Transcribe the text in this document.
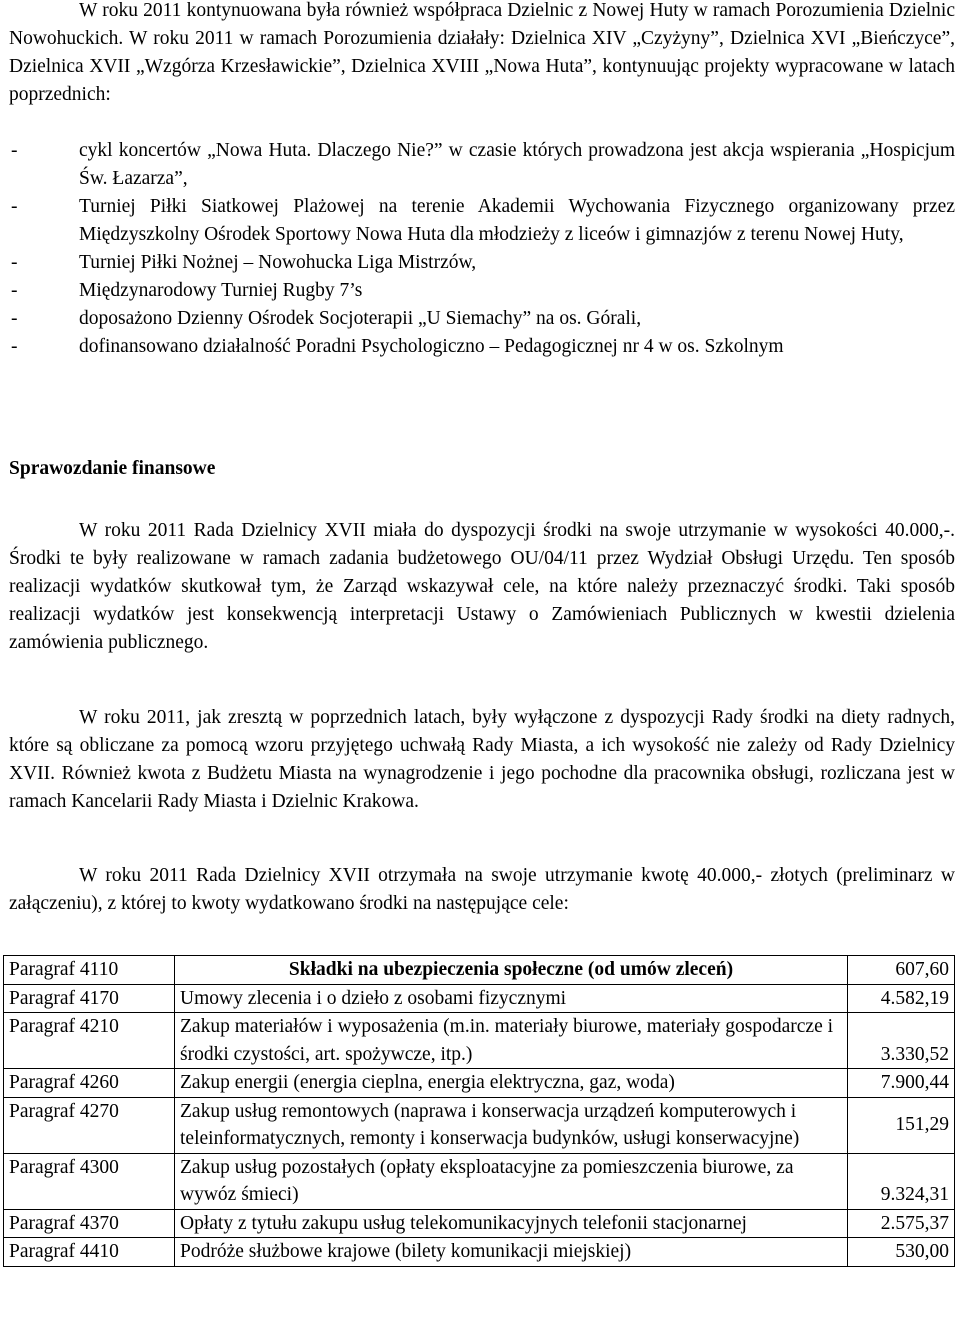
W roku 2011 kontynuowana była również współpraca Dzielnic z Nowej Huty w ramach Porozumienia Dzielnic Nowohuckich. W roku 2011 w ramach Porozumienia działały: Dzielnica XIV „Czyżyny”, Dzielnica XVI „Bieńczyce”, Dzielnica XVII „Wzgórza Krzesławickie”, Dzielnica XVIII „Nowa Huta”, kontynuując projekty wypracowane w latach poprzednich:

-	cykl koncertów „Nowa Huta. Dlaczego Nie?” w czasie których prowadzona jest akcja wspierania „Hospicjum Św. Łazarza”,
-	Turniej Piłki Siatkowej Plażowej na terenie Akademii Wychowania Fizycznego organizowany przez Międzyszkolny Ośrodek Sportowy Nowa Huta dla młodzieży z liceów i gimnazjów z terenu Nowej Huty,
-	Turniej Piłki Nożnej – Nowohucka Liga Mistrzów,
-	Międzynarodowy Turniej Rugby 7’s
-	doposażono Dzienny Ośrodek Socjoterapii „U Siemachy” na os. Górali,
-	dofinansowano działalność Poradni Psychologiczno – Pedagogicznej nr 4 w os. Szkolnym
Sprawozdanie finansowe

W roku 2011 Rada Dzielnicy XVII miała do dyspozycji środki na swoje utrzymanie w wysokości 40.000,-. Środki te były realizowane w ramach zadania budżetowego OU/04/11 przez Wydział Obsługi Urzędu. Ten sposób realizacji wydatków skutkował tym, że Zarząd wskazywał cele, na które należy przeznaczyć środki. Taki sposób realizacji wydatków jest konsekwencją interpretacji Ustawy o Zamówieniach Publicznych w kwestii dzielenia zamówienia publicznego.

W roku 2011, jak zresztą w poprzednich latach, były wyłączone z dyspozycji Rady środki na diety radnych, które są obliczane za pomocą wzoru przyjętego uchwałą Rady Miasta, a ich wysokość nie zależy od Rady Dzielnicy XVII. Również kwota z Budżetu Miasta na wynagrodzenie i jego pochodne dla pracownika obsługi, rozliczana jest w ramach Kancelarii Rady Miasta i Dzielnic Krakowa.

W roku 2011 Rada Dzielnicy XVII otrzymała na swoje utrzymanie kwotę 40.000,- złotych (preliminarz w załączeniu), z której to kwoty wydatkowano środki na następujące cele:

Paragraf 4110	Składki na ubezpieczenia społeczne (od umów zleceń)	607,60
Paragraf 4170	Umowy zlecenia i o dzieło z osobami fizycznymi	4.582,19
Paragraf 4210	Zakup materiałów i wyposażenia (m.in. materiały biurowe, materiały gospodarcze i środki czystości, art. spożywcze, itp.)	3.330,52
Paragraf 4260	Zakup energii (energia cieplna, energia elektryczna, gaz, woda)	7.900,44
Paragraf 4270	Zakup usług remontowych (naprawa i konserwacja urządzeń komputerowych i teleinformatycznych, remonty i konserwacja budynków, usługi konserwacyjne)	151,29
Paragraf 4300	Zakup usług pozostałych (opłaty eksploatacyjne za pomieszczenia biurowe, za wywóz śmieci)	9.324,31
Paragraf 4370	Opłaty z tytułu zakupu usług telekomunikacyjnych telefonii stacjonarnej	2.575,37
Paragraf 4410	Podróże służbowe krajowe (bilety komunikacji miejskiej)	530,00
